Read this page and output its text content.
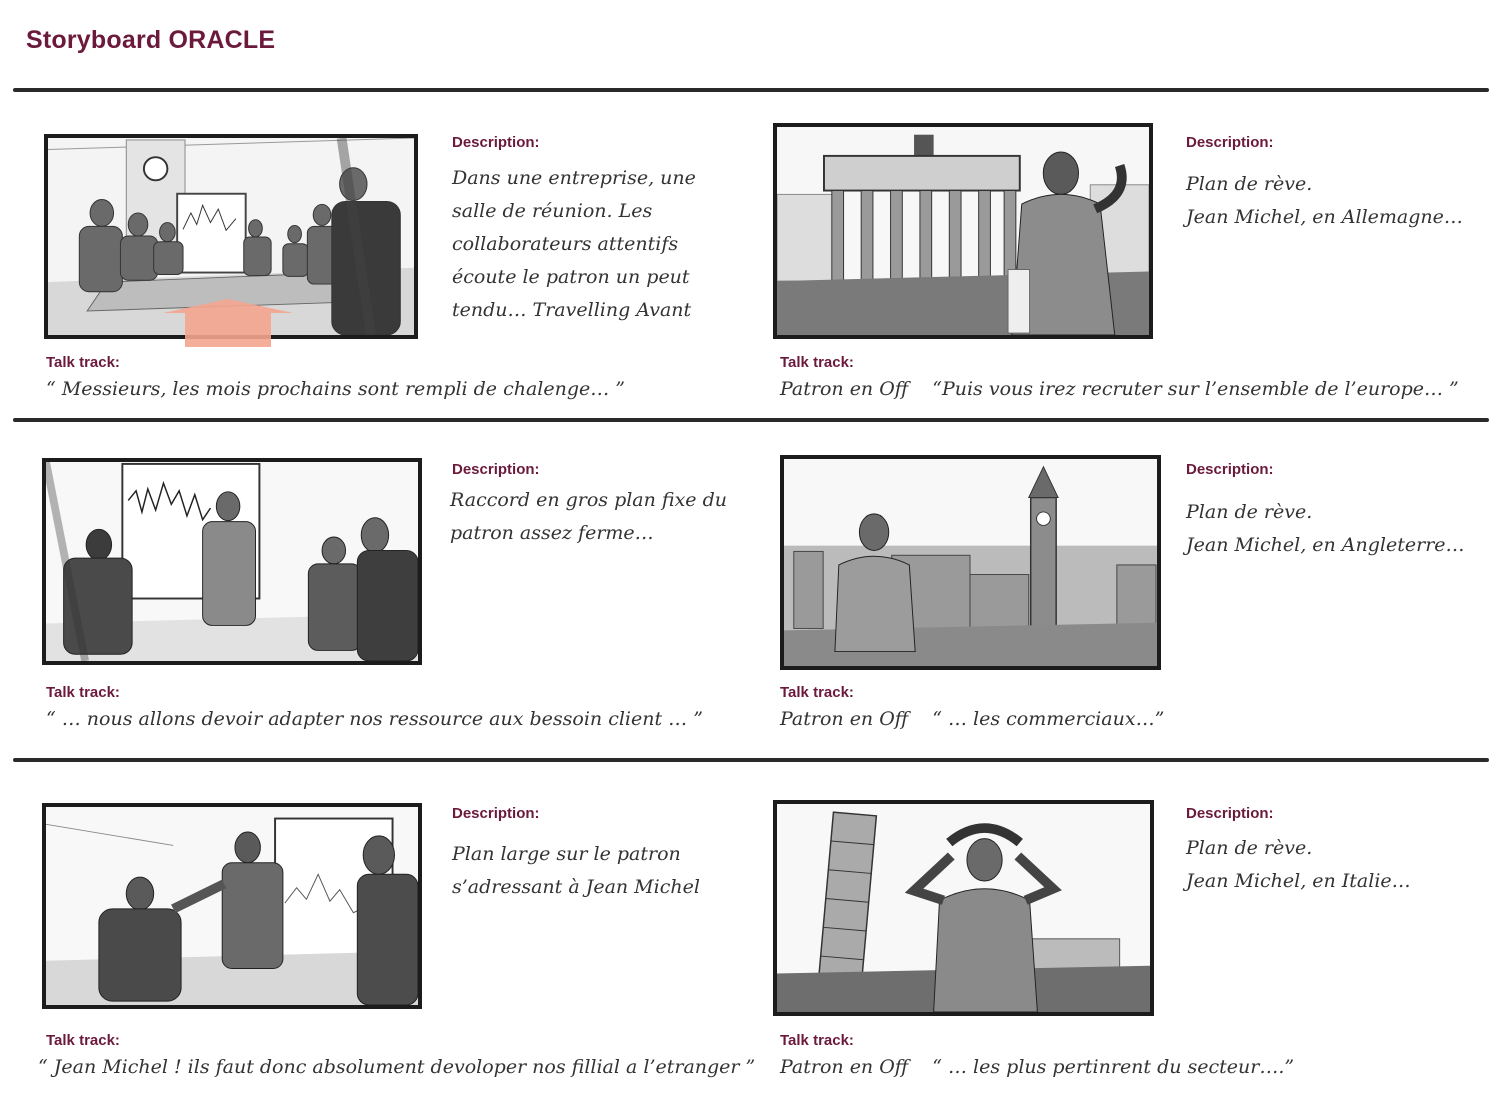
Storyboard ORACLE
Description:
Dans une entreprise, une
salle de réunion. Les
collaborateurs attentifs
écoute le patron un peut
tendu… Travelling Avant
Talk track:
“ Messieurs, les mois prochains sont rempli de chalenge… ”
Description:
Plan de rève.
Jean Michel, en Allemagne…
Talk track:
Patron en Off “Puis vous irez recruter sur l’ensemble de l’europe… ”
Description:
Raccord en gros plan fixe du
patron assez ferme…
Talk track:
“ … nous allons devoir adapter nos ressource aux bessoin client … ”
Description:
Plan de rève.
Jean Michel, en Angleterre…
Talk track:
Patron en Off “ … les commerciaux…”
Description:
Plan large sur le patron
s’adressant à Jean Michel
Talk track:
“ Jean Michel ! ils faut donc absolument devoloper nos fillial a l’etranger ”
Description:
Plan de rève.
Jean Michel, en Italie…
Talk track:
Patron en Off “ … les plus pertinrent du secteur….”
